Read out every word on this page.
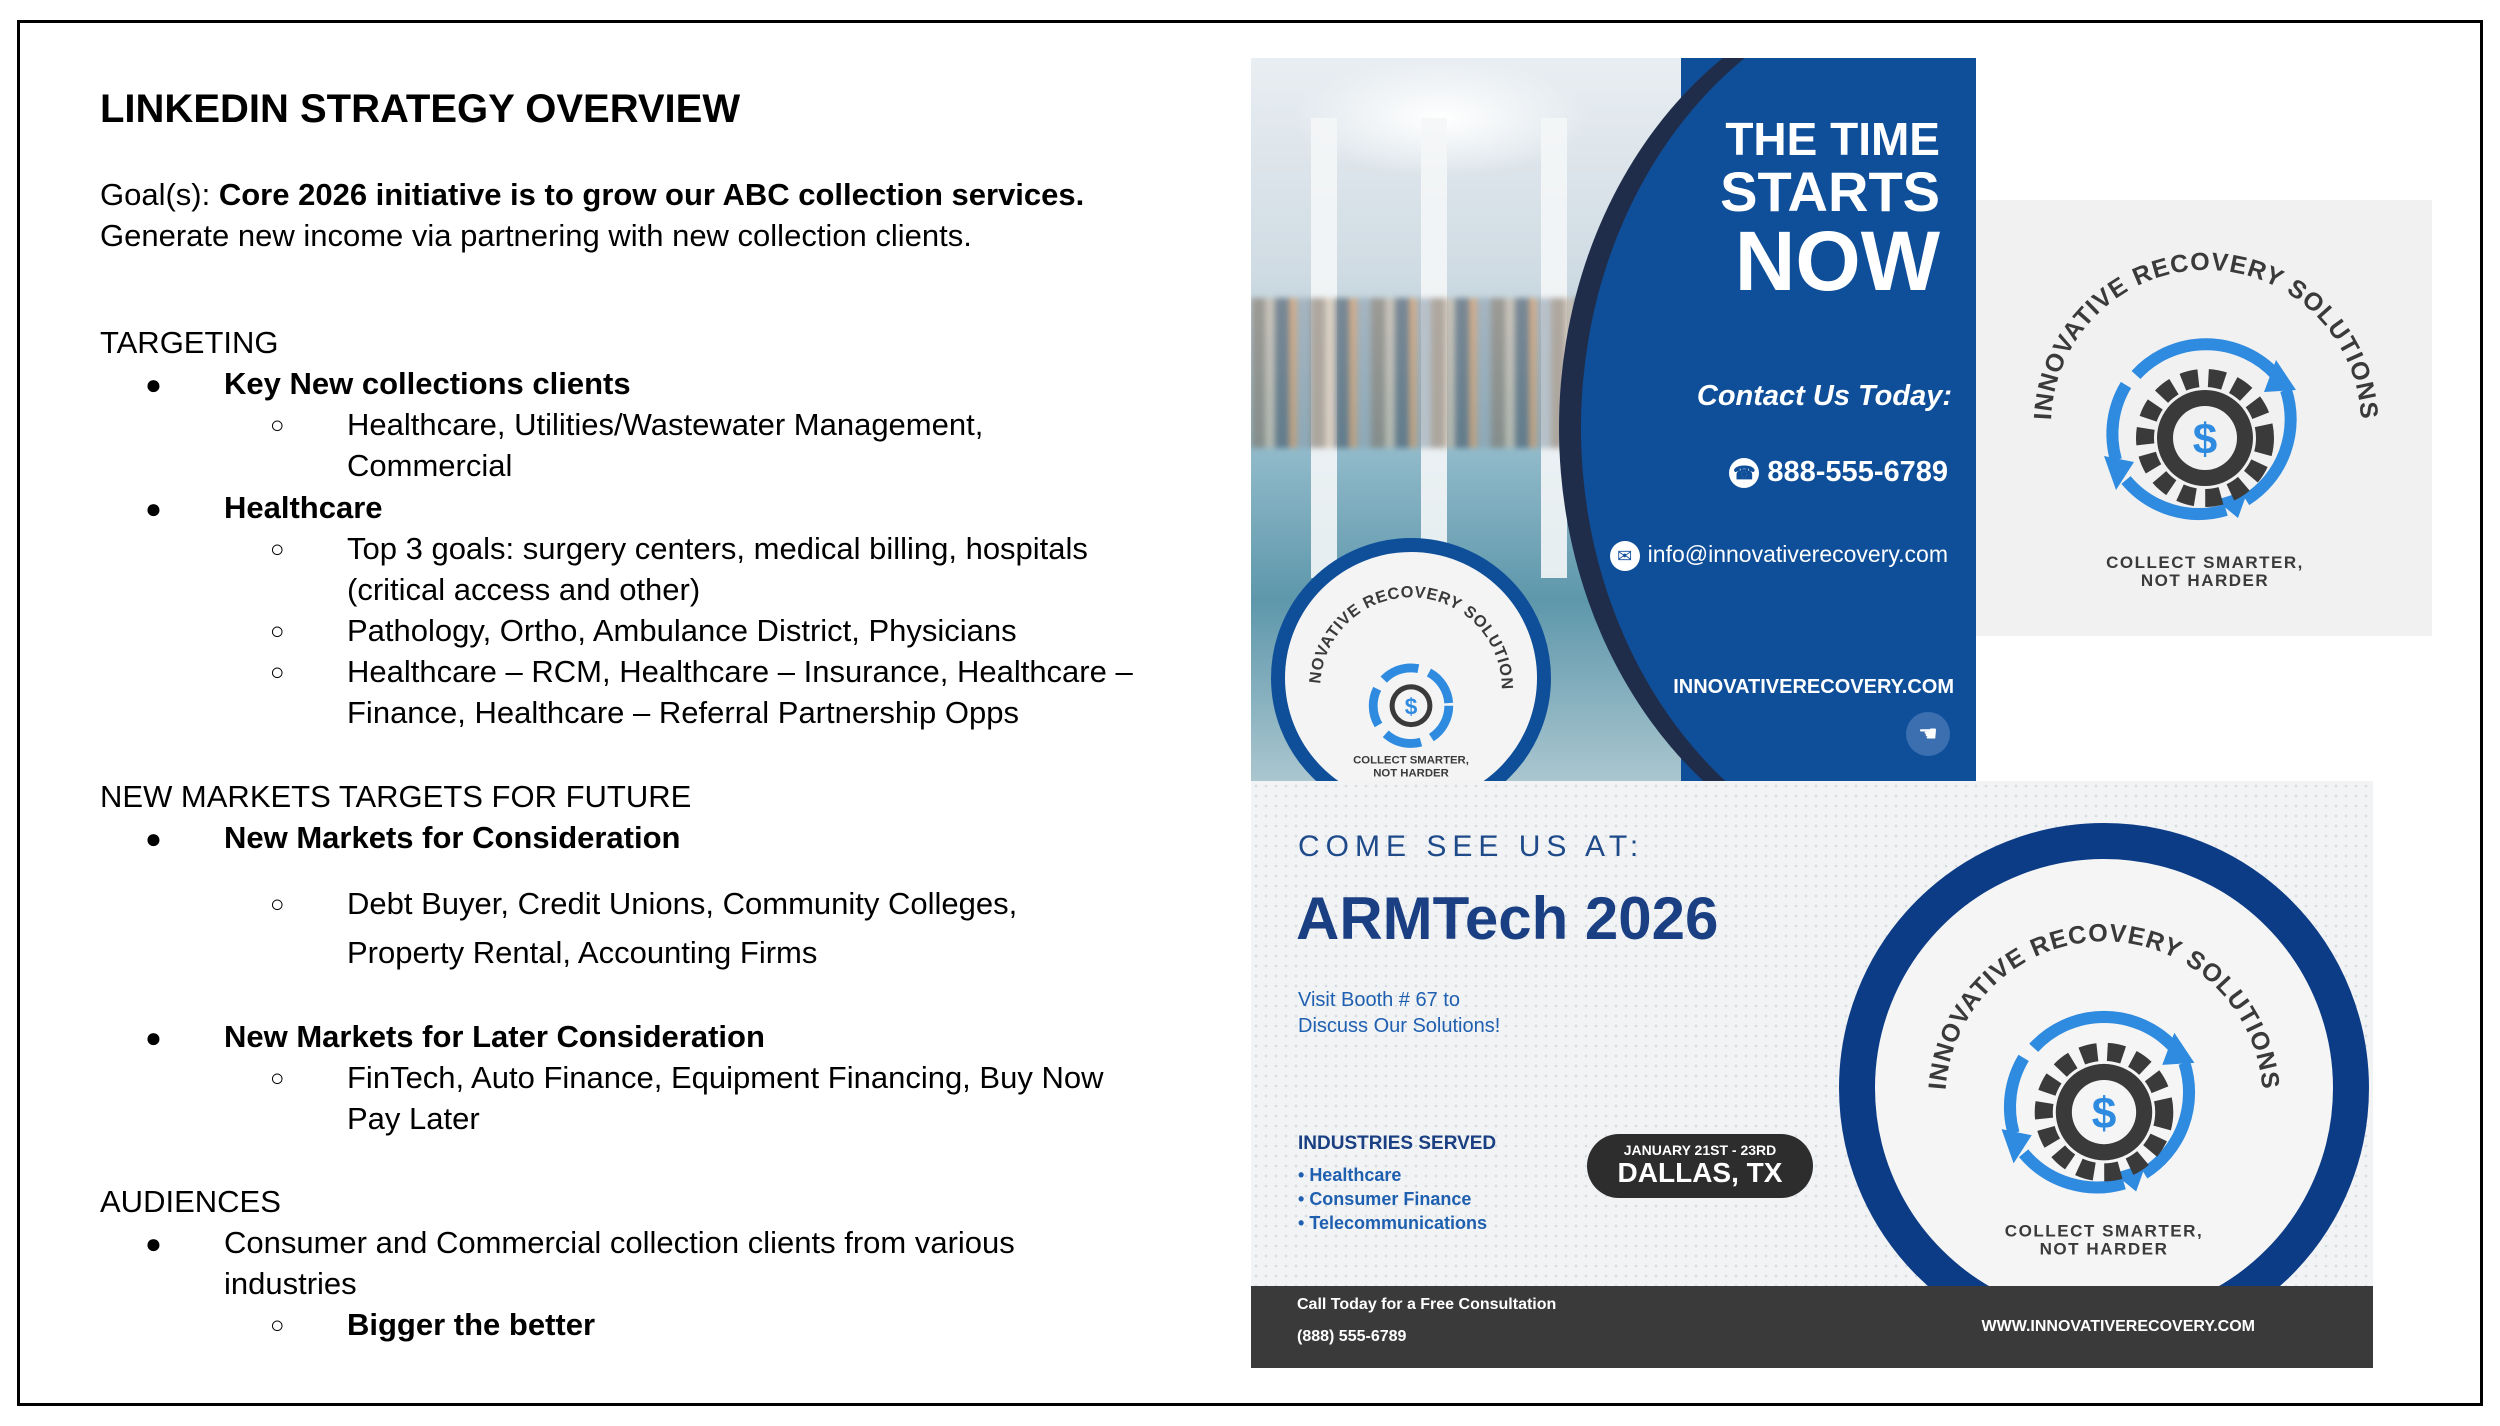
LINKEDIN STRATEGY OVERVIEW
Goal(s): Core 2026 initiative is to grow our ABC collection services.
Generate new income via partnering with new collection clients.
TARGETING
● Key New collections clients
○ Healthcare, Utilities/Wastewater Management,
Commercial
● Healthcare
○ Top 3 goals: surgery centers, medical billing, hospitals
(critical access and other)
○ Pathology, Ortho, Ambulance District, Physicians
○ Healthcare – RCM, Healthcare – Insurance, Healthcare –
Finance, Healthcare – Referral Partnership Opps
NEW MARKETS TARGETS FOR FUTURE
● New Markets for Consideration
○ Debt Buyer, Credit Unions, Community Colleges,
Property Rental, Accounting Firms
● New Markets for Later Consideration
○ FinTech, Auto Finance, Equipment Financing, Buy Now
Pay Later
AUDIENCES
● Consumer and Commercial collection clients from various
industries
○ Bigger the better
THE TIME
STARTS
NOW
Contact Us Today:
☎ 888-555-6789
✉ info@innovativerecovery.com
INNOVATIVERECOVERY.COM
☚
NOVATIVE RECOVERY SOLUTION
$
COLLECT SMARTER,
NOT HARDER
INNOVATIVE RECOVERY SOLUTIONS
$
COLLECT SMARTER,
NOT HARDER
COME SEE US AT:
ARMTech 2026
Visit Booth # 67 to
Discuss Our Solutions!
INDUSTRIES SERVED
• Healthcare
• Consumer Finance
• Telecommunications
JANUARY 21ST - 23RD
DALLAS, TX
INNOVATIVE RECOVERY SOLUTIONS
$
COLLECT SMARTER,
NOT HARDER
Call Today for a Free Consultation
(888) 555-6789
WWW.INNOVATIVERECOVERY.COM
